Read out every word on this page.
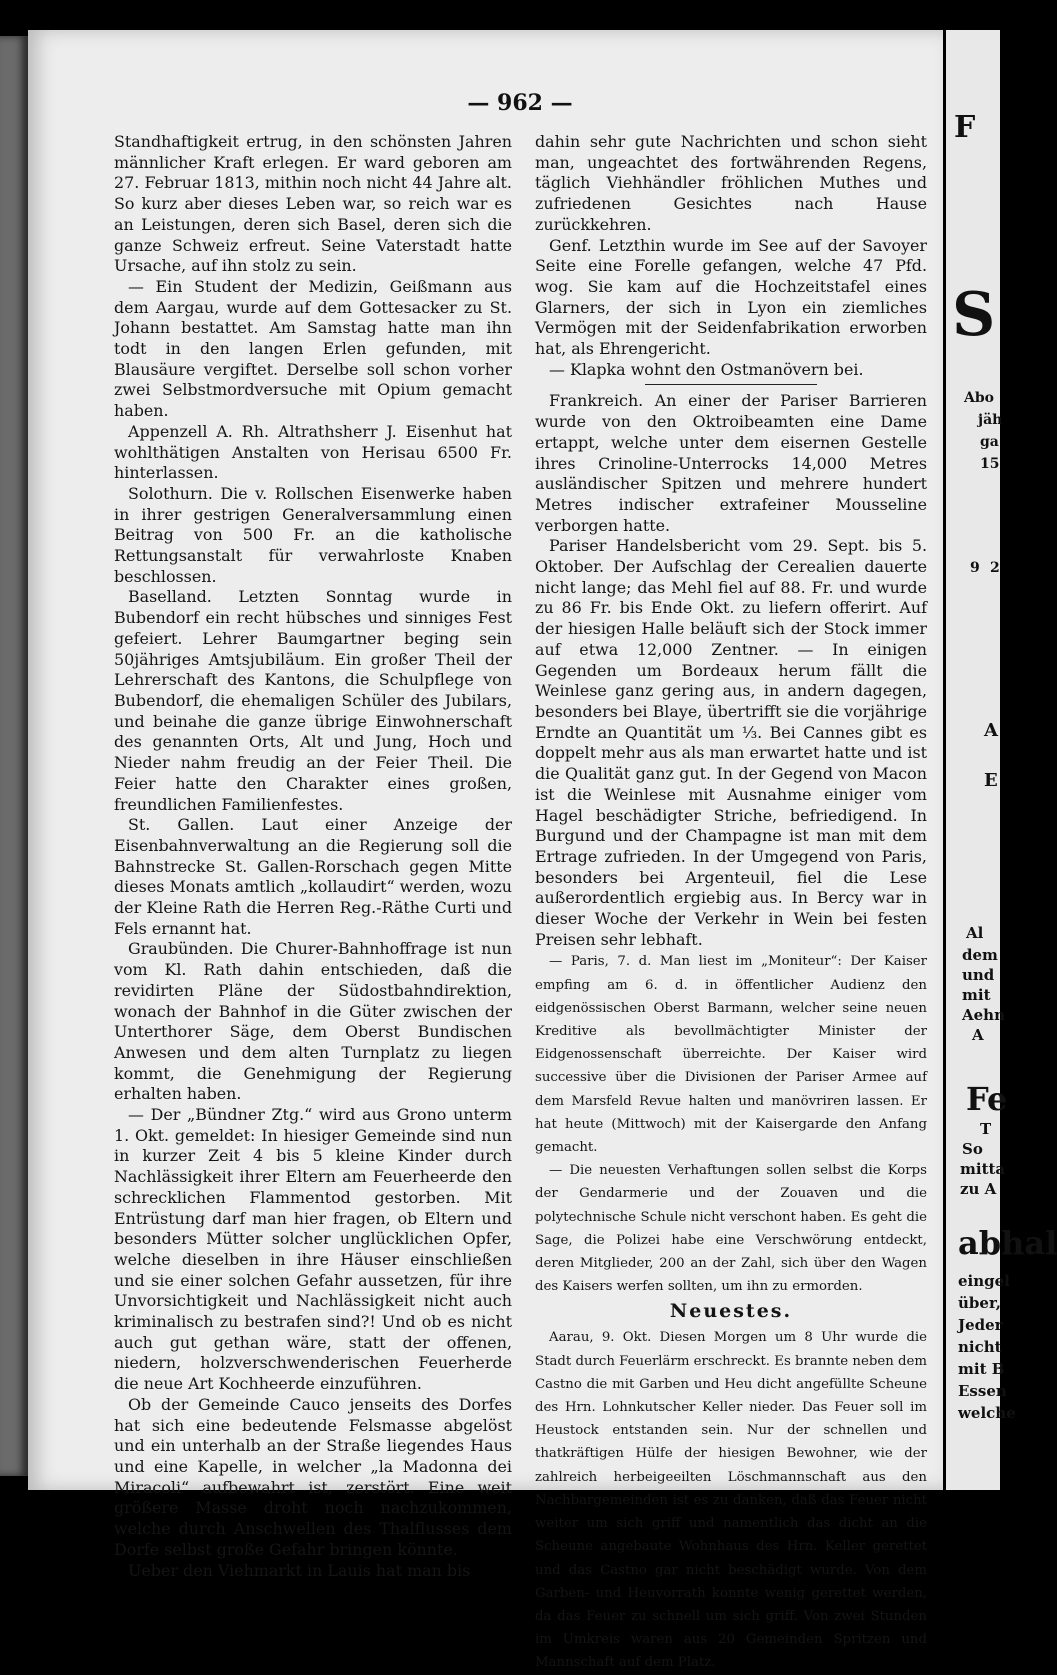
— 962 —

Standhaftigkeit ertrug, in den schönsten Jahren männlicher Kraft erlegen. Er ward geboren am 27. Februar 1813, mithin noch nicht 44 Jahre alt. So kurz aber dieses Leben war, so reich war es an Leistungen, deren sich Basel, deren sich die ganze Schweiz erfreut. Seine Vaterstadt hatte Ursache, auf ihn stolz zu sein.

— Ein Student der Medizin, Geißmann aus dem Aargau, wurde auf dem Gottesacker zu St. Johann bestattet. Am Samstag hatte man ihn todt in den langen Erlen gefunden, mit Blausäure vergiftet. Derselbe soll schon vorher zwei Selbstmordversuche mit Opium gemacht haben.

Appenzell A. Rh. Altrathsherr J. Eisenhut hat wohlthätigen Anstalten von Herisau 6500 Fr. hinterlassen.

Solothurn. Die v. Rollschen Eisenwerke haben in ihrer gestrigen Generalversammlung einen Beitrag von 500 Fr. an die katholische Rettungsanstalt für verwahrloste Knaben beschlossen.

Baselland. Letzten Sonntag wurde in Bubendorf ein recht hübsches und sinniges Fest gefeiert. Lehrer Baumgartner beging sein 50jähriges Amtsjubiläum. Ein großer Theil der Lehrerschaft des Kantons, die Schulpflege von Bubendorf, die ehemaligen Schüler des Jubilars, und beinahe die ganze übrige Einwohnerschaft des genannten Orts, Alt und Jung, Hoch und Nieder nahm freudig an der Feier Theil. Die Feier hatte den Charakter eines großen, freundlichen Familienfestes.

St. Gallen. Laut einer Anzeige der Eisenbahnverwaltung an die Regierung soll die Bahnstrecke St. Gallen-Rorschach gegen Mitte dieses Monats amtlich „kollaudirt“ werden, wozu der Kleine Rath die Herren Reg.-Räthe Curti und Fels ernannt hat.

Graubünden. Die Churer-Bahnhoffrage ist nun vom Kl. Rath dahin entschieden, daß die revidirten Pläne der Südostbahndirektion, wonach der Bahnhof in die Güter zwischen der Unterthorer Säge, dem Oberst Bundischen Anwesen und dem alten Turnplatz zu liegen kommt, die Genehmigung der Regierung erhalten haben.

— Der „Bündner Ztg.“ wird aus Grono unterm 1. Okt. gemeldet: In hiesiger Gemeinde sind nun in kurzer Zeit 4 bis 5 kleine Kinder durch Nachlässigkeit ihrer Eltern am Feuerheerde den schrecklichen Flammentod gestorben. Mit Entrüstung darf man hier fragen, ob Eltern und besonders Mütter solcher unglücklichen Opfer, welche dieselben in ihre Häuser einschließen und sie einer solchen Gefahr aussetzen, für ihre Unvorsichtigkeit und Nachlässigkeit nicht auch kriminalisch zu bestrafen sind?! Und ob es nicht auch gut gethan wäre, statt der offenen, niedern, holzverschwenderischen Feuerherde die neue Art Kochheerde einzuführen.

Ob der Gemeinde Cauco jenseits des Dorfes hat sich eine bedeutende Felsmasse abgelöst und ein unterhalb an der Straße liegendes Haus und eine Kapelle, in welcher „la Madonna dei Miracoli“ aufbewahrt ist, zerstört. Eine weit größere Masse droht noch nachzukommen, welche durch Anschwellen des Thalflusses dem Dorfe selbst große Gefahr bringen könnte.

Ueber den Viehmarkt in Lauis hat man bis

dahin sehr gute Nachrichten und schon sieht man, ungeachtet des fortwährenden Regens, täglich Viehhändler fröhlichen Muthes und zufriedenen Gesichtes nach Hause zurückkehren.

Genf. Letzthin wurde im See auf der Savoyer Seite eine Forelle gefangen, welche 47 Pfd. wog. Sie kam auf die Hochzeitstafel eines Glarners, der sich in Lyon ein ziemliches Vermögen mit der Seidenfabrikation erworben hat, als Ehrengericht.

— Klapka wohnt den Ostmanövern bei.

Frankreich. An einer der Pariser Barrieren wurde von den Oktroibeamten eine Dame ertappt, welche unter dem eisernen Gestelle ihres Crinoline-Unterrocks 14,000 Metres ausländischer Spitzen und mehrere hundert Metres indischer extrafeiner Mousseline verborgen hatte.

Pariser Handelsbericht vom 29. Sept. bis 5. Oktober. Der Aufschlag der Cerealien dauerte nicht lange; das Mehl fiel auf 88. Fr. und wurde zu 86 Fr. bis Ende Okt. zu liefern offerirt. Auf der hiesigen Halle beläuft sich der Stock immer auf etwa 12,000 Zentner. — In einigen Gegenden um Bordeaux herum fällt die Weinlese ganz gering aus, in andern dagegen, besonders bei Blaye, übertrifft sie die vorjährige Erndte an Quantität um ⅓. Bei Cannes gibt es doppelt mehr aus als man erwartet hatte und ist die Qualität ganz gut. In der Gegend von Macon ist die Weinlese mit Ausnahme einiger vom Hagel beschädigter Striche, befriedigend. In Burgund und der Champagne ist man mit dem Ertrage zufrieden. In der Umgegend von Paris, besonders bei Argenteuil, fiel die Lese außerordentlich ergiebig aus. In Bercy war in dieser Woche der Verkehr in Wein bei festen Preisen sehr lebhaft.

— Paris, 7. d. Man liest im „Moniteur“: Der Kaiser empfing am 6. d. in öffentlicher Audienz den eidgenössischen Oberst Barmann, welcher seine neuen Kreditive als bevollmächtigter Minister der Eidgenossenschaft überreichte. Der Kaiser wird successive über die Divisionen der Pariser Armee auf dem Marsfeld Revue halten und manövriren lassen. Er hat heute (Mittwoch) mit der Kaisergarde den Anfang gemacht.

— Die neuesten Verhaftungen sollen selbst die Korps der Gendarmerie und der Zouaven und die polytechnische Schule nicht verschont haben. Es geht die Sage, die Polizei habe eine Verschwörung entdeckt, deren Mitglieder, 200 an der Zahl, sich über den Wagen des Kaisers werfen sollten, um ihn zu ermorden.

Neuestes.

Aarau, 9. Okt. Diesen Morgen um 8 Uhr wurde die Stadt durch Feuerlärm erschreckt. Es brannte neben dem Castno die mit Garben und Heu dicht angefüllte Scheune des Hrn. Lohnkutscher Keller nieder. Das Feuer soll im Heustock entstanden sein. Nur der schnellen und thatkräftigen Hülfe der hiesigen Bewohner, wie der zahlreich herbeigeeilten Löschmannschaft aus den Nachbargemeinden ist es zu danken, daß das Feuer nicht weiter um sich griff und namentlich das dicht an die Scheune angebaute Wohnhaus des Hrn. Keller gerettet und das Castno gar nicht beschädigt wurde. Von dem Garben- und Heuvorrath konnte wenig gerettet werden, da das Feuer zu schnell um sich griff. Von zwei Stunden im Umkreis waren aus 20 Gemeinden Spritzen und Mannschaft auf dem Platz.

F
S
Abo
jäh
ga
15
9 2
A
E
Al
dem
und
mit
Aehn
A
Fe
T
So
mitta
zu A
abhal
eingel
über,
Jeder
nicht
mit B
Essen
welche
